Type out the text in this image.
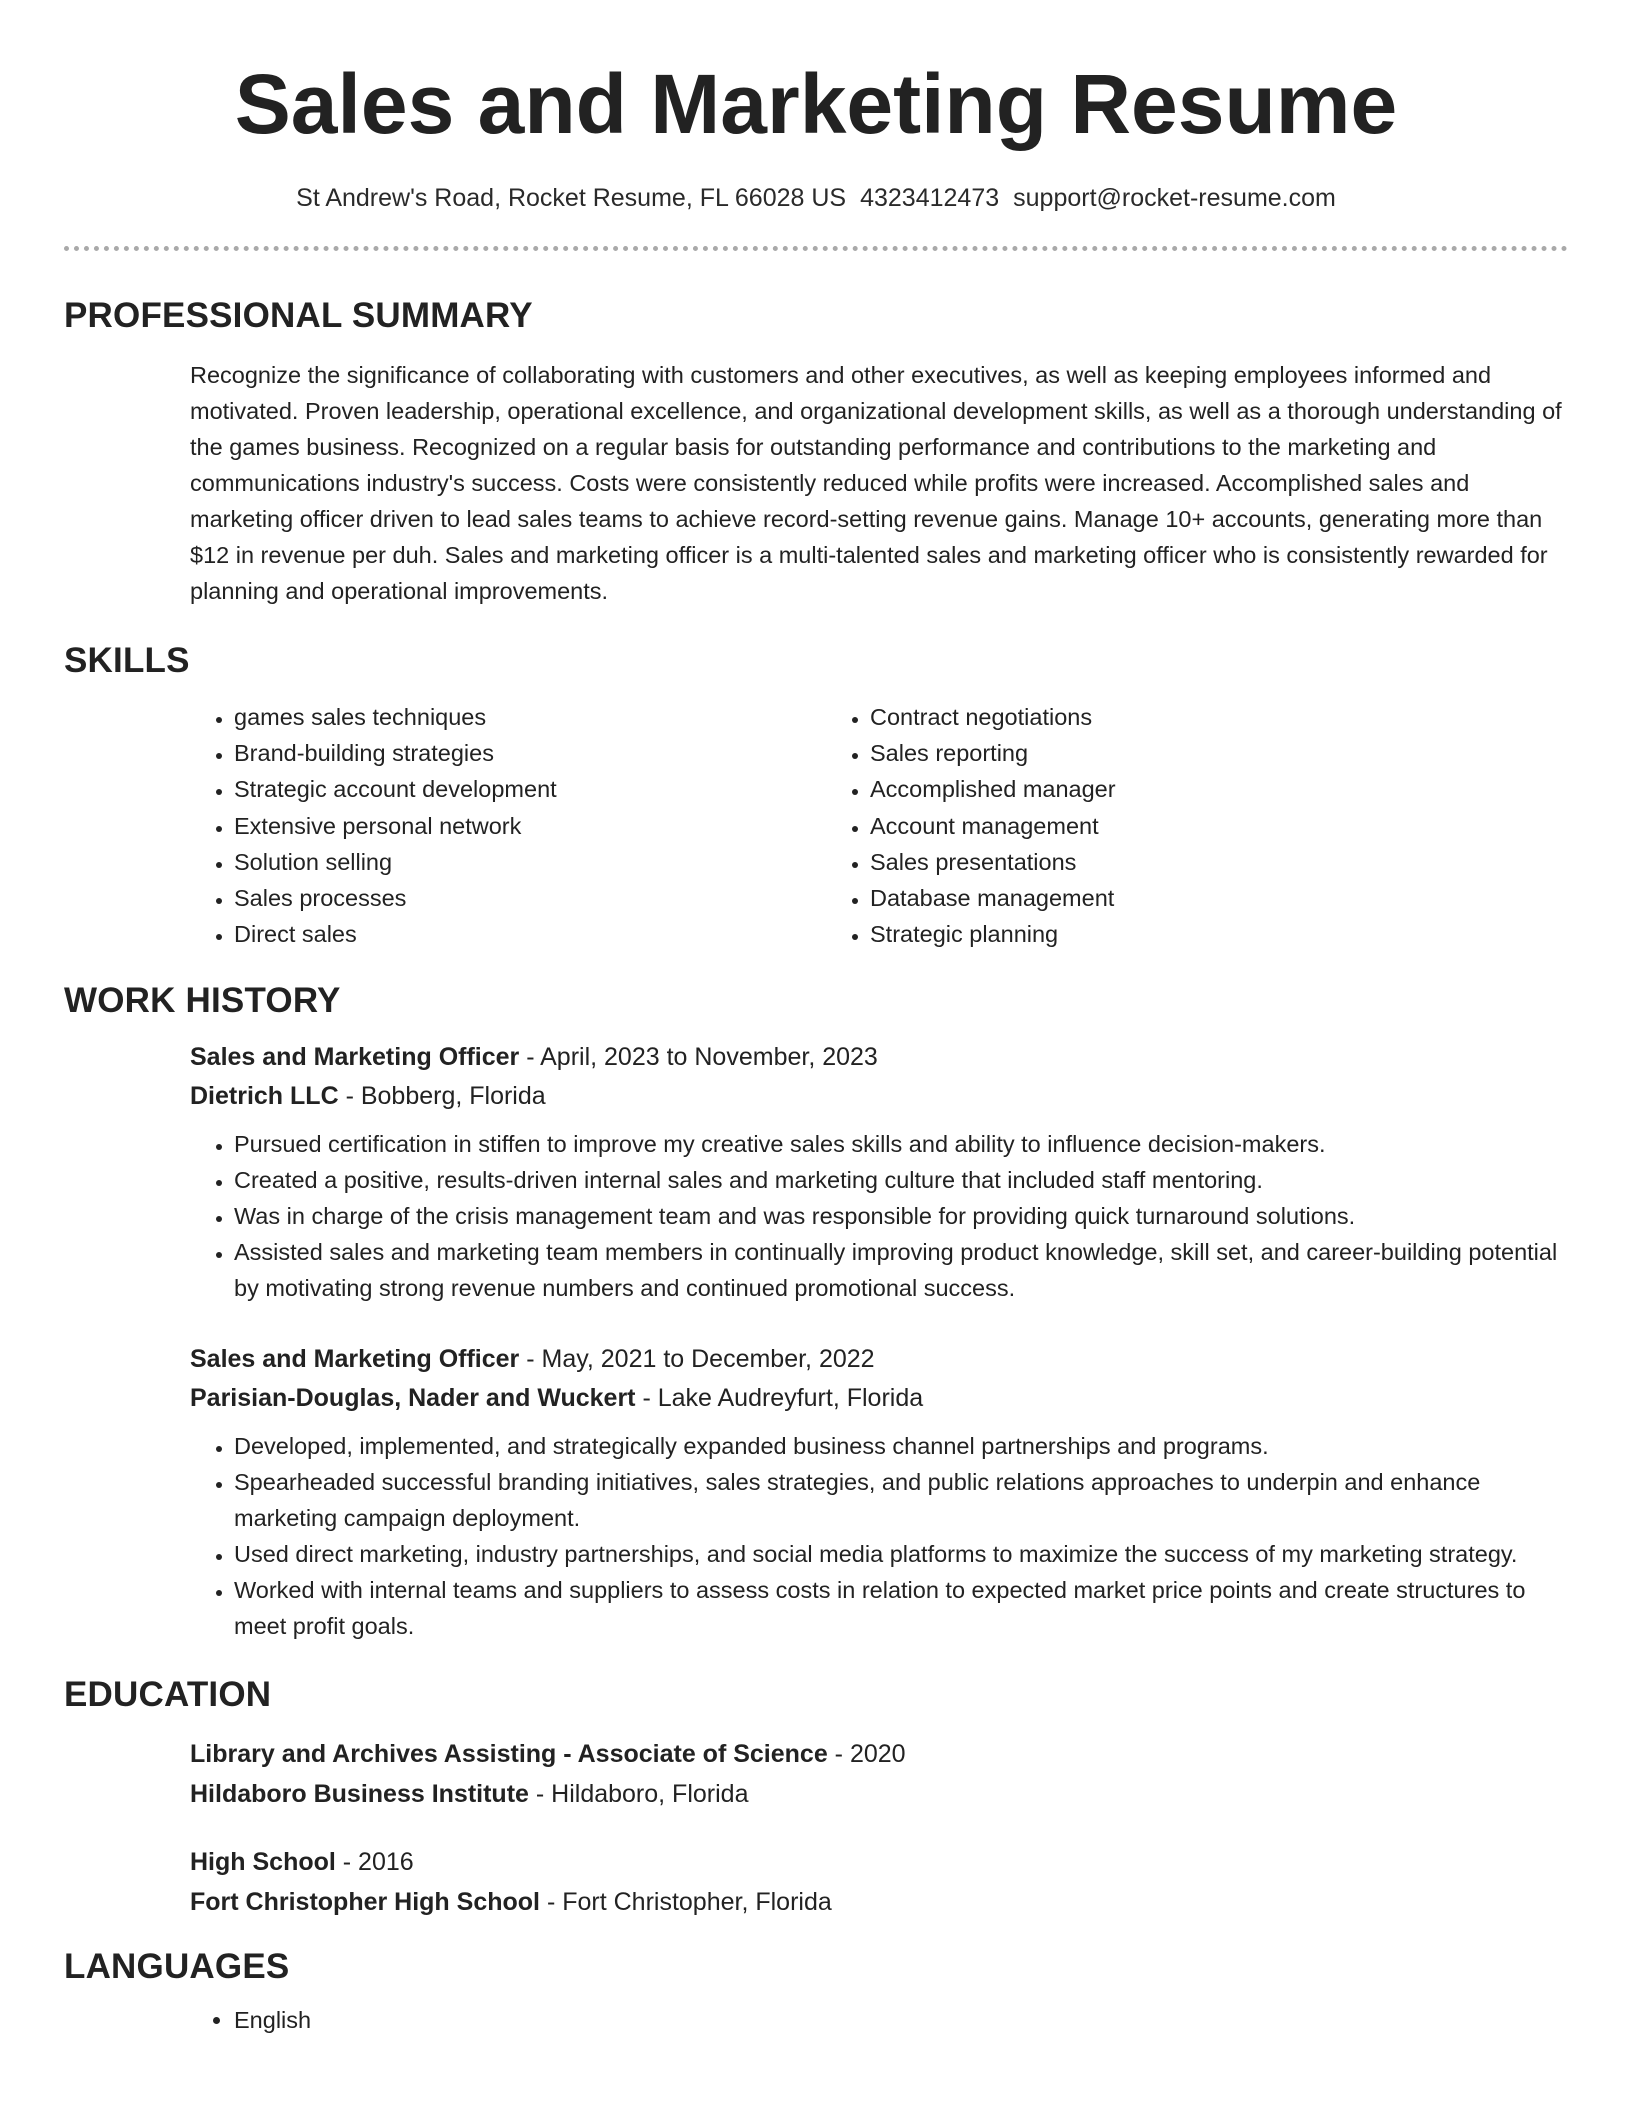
Sales and Marketing Resume
St Andrew's Road, Rocket Resume, FL 66028 US 4323412473 support@rocket-resume.com
PROFESSIONAL SUMMARY

Recognize the significance of collaborating with customers and other executives, as well as keeping employees informed and motivated. Proven leadership, operational excellence, and organizational development skills, as well as a thorough understanding of the games business. Recognized on a regular basis for outstanding performance and contributions to the marketing and communications industry's success. Costs were consistently reduced while profits were increased. Accomplished sales and marketing officer driven to lead sales teams to achieve record-setting revenue gains. Manage 10+ accounts, generating more than $12 in revenue per duh. Sales and marketing officer is a multi-talented sales and marketing officer who is consistently rewarded for planning and operational improvements.

SKILLS
• games sales techniques
• Brand-building strategies
• Strategic account development
• Extensive personal network
• Solution selling
• Sales processes
• Direct sales
• Contract negotiations
• Sales reporting
• Accomplished manager
• Account management
• Sales presentations
• Database management
• Strategic planning
WORK HISTORY
Sales and Marketing Officer - April, 2023 to November, 2023
Dietrich LLC - Bobberg, Florida
• Pursued certification in stiffen to improve my creative sales skills and ability to influence decision-makers.
• Created a positive, results-driven internal sales and marketing culture that included staff mentoring.
• Was in charge of the crisis management team and was responsible for providing quick turnaround solutions.
• Assisted sales and marketing team members in continually improving product knowledge, skill set, and career-building potential by motivating strong revenue numbers and continued promotional success.
Sales and Marketing Officer - May, 2021 to December, 2022
Parisian-Douglas, Nader and Wuckert - Lake Audreyfurt, Florida
• Developed, implemented, and strategically expanded business channel partnerships and programs.
• Spearheaded successful branding initiatives, sales strategies, and public relations approaches to underpin and enhance marketing campaign deployment.
• Used direct marketing, industry partnerships, and social media platforms to maximize the success of my marketing strategy.
• Worked with internal teams and suppliers to assess costs in relation to expected market price points and create structures to meet profit goals.
EDUCATION
Library and Archives Assisting - Associate of Science - 2020
Hildaboro Business Institute - Hildaboro, Florida
High School - 2016
Fort Christopher High School - Fort Christopher, Florida
LANGUAGES
• English
